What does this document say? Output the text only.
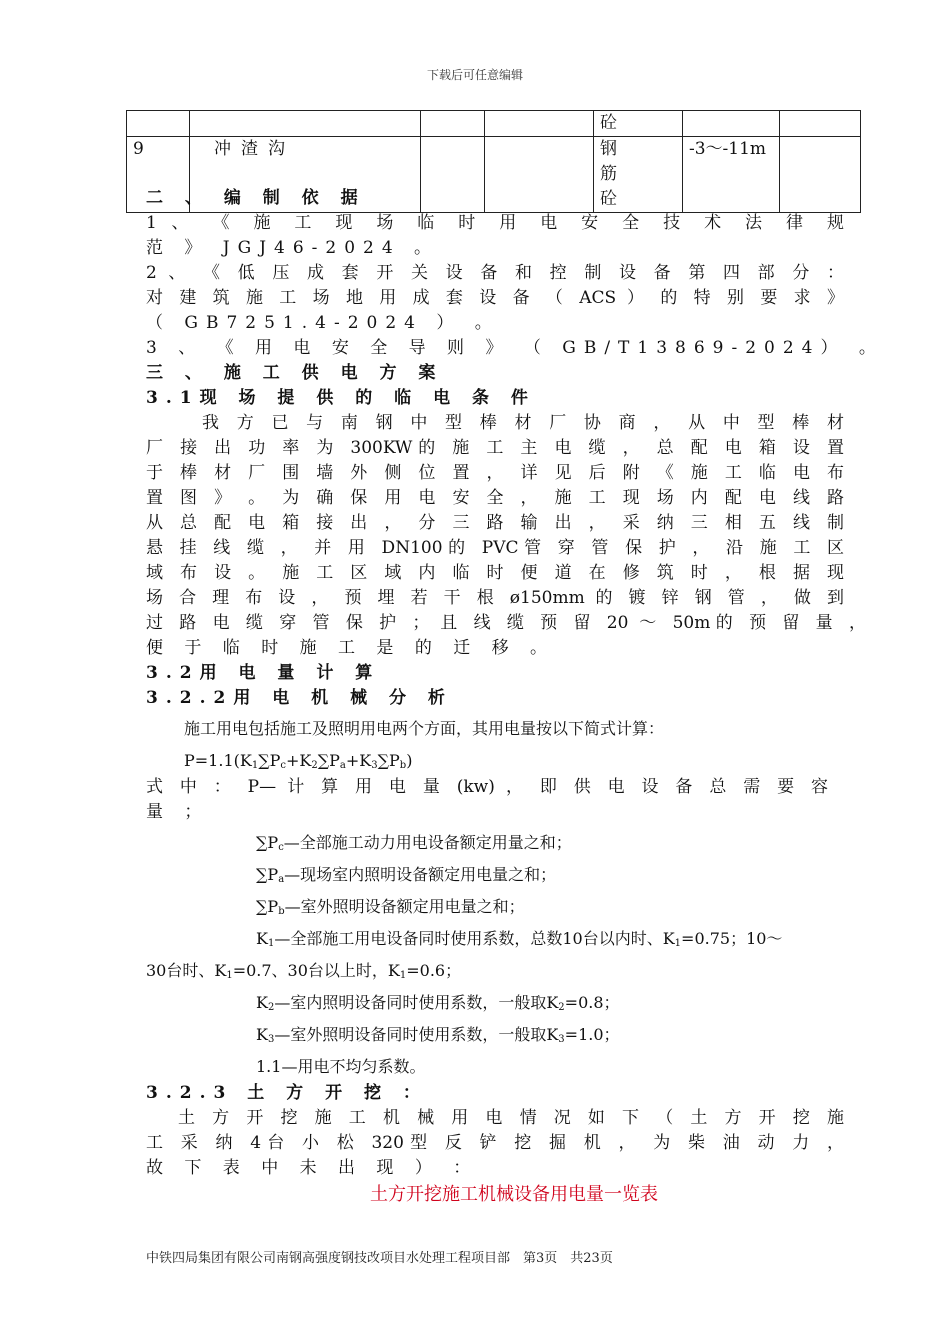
下载后可任意编辑
				砼		
9	冲渣沟			钢筋砼	-3～-11m	

二 、 编 制 依 据
1 、 《 施 工 现 场 临 时 用 电 安 全 技 术 法 律 规
范 》 JGJ46-2024 。
2 、 《 低 压 成 套 开 关 设 备 和 控 制 设 备 第 四 部 分 ：
对 建 筑 施 工 场 地 用 成 套 设 备 （ ACS ） 的 特 别 要 求 》
（ GB7251.4-2024 ） 。
3 、 《 用 电 安 全 导 则 》 （ GB/T13869-2024） 。
三 、 施 工 供 电 方 案
3.1现 场 提 供 的 临 电 条 件
我 方 已 与 南 钢 中 型 棒 材 厂 协 商 ， 从 中 型 棒 材
厂 接 出 功 率 为 300KW的 施 工 主 电 缆 ， 总 配 电 箱 设 置
于 棒 材 厂 围 墙 外 侧 位 置 ， 详 见 后 附 《 施 工 临 电 布
置 图 》 。 为 确 保 用 电 安 全 ， 施 工 现 场 内 配 电 线 路
从 总 配 电 箱 接 出 ， 分 三 路 输 出 ， 采 纳 三 相 五 线 制
悬 挂 线 缆 ， 并 用 DN100的 PVC管 穿 管 保 护 ， 沿 施 工 区
域 布 设 。 施 工 区 域 内 临 时 便 道 在 修 筑 时 ， 根 据 现
场 合 理 布 设 ， 预 埋 若 干 根 ø150mm 的 镀 锌 钢 管 ， 做 到
过 路 电 缆 穿 管 保 护 ； 且 线 缆 预 留 20 ～ 50m的 预 留 量 ，
便 于 临 时 施 工 是 的 迁 移 。
3.2用 电 量 计 算
3.2.2用 电 机 械 分 析
施工用电包括施工及照明用电两个方面，其用电量按以下简式计算：
$P=1.1(K_1\sum P_c+K_2\sum P_a+K_3\sum P_b)$
式 中 ： P— 计 算 用 电 量 (kw) ， 即 供 电 设 备 总 需 要 容
量 ；
$\sum P_c—$全部施工动力用电设备额定用量之和；
$\sum P_a—$现场室内照明设备额定用电量之和；
$\sum P_b—$室外照明设备额定用电量之和；
$K_1—$全部施工用电设备同时使用系数，总数10台以内时、$K_1=0.75$；10～
30台时、$K_1=0.7$、30台以上时，$K_1=0.6$；
$K_2—$室内照明设备同时使用系数，一般取$K_2=0.8$；
$K_3—$室外照明设备同时使用系数，一般取$K_3=1.0$；
1.1—用电不均匀系数。
3.2.3 土 方 开 挖 ：
土 方 开 挖 施 工 机 械 用 电 情 况 如 下 （ 土 方 开 挖 施
工 采 纳 4台 小 松 320型 反 铲 挖 掘 机 ， 为 柴 油 动 力 ，
故 下 表 中 未 出 现 ） ：
土方开挖施工机械设备用电量一览表
中铁四局集团有限公司南钢高强度钢技改项目水处理工程项目部　第3页　共23页
